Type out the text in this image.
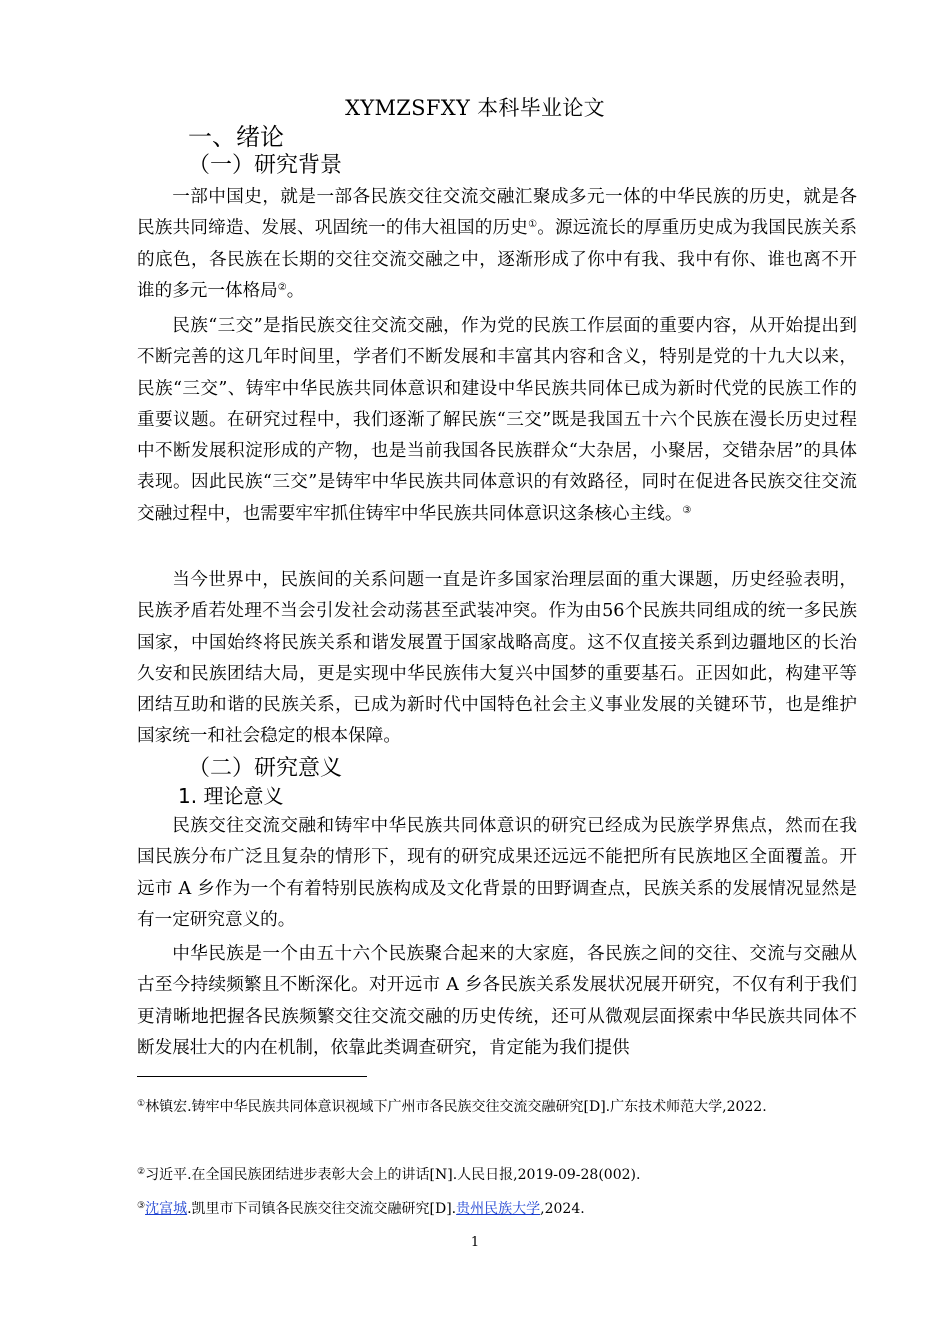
XYMZSFXY 本科毕业论文
一、绪论
（一）研究背景

一部中国史，就是一部各民族交往交流交融汇聚成多元一体的中华民族的历史，就是各民族共同缔造、发展、巩固统一的伟大祖国的历史①。源远流长的厚重历史成为我国民族关系的底色，各民族在长期的交往交流交融之中，逐渐形成了你中有我、我中有你、谁也离不开谁的多元一体格局②。

民族“三交”是指民族交往交流交融，作为党的民族工作层面的重要内容，从开始提出到不断完善的这几年时间里，学者们不断发展和丰富其内容和含义，特别是党的十九大以来，民族“三交”、铸牢中华民族共同体意识和建设中华民族共同体已成为新时代党的民族工作的重要议题。在研究过程中，我们逐渐了解民族“三交”既是我国五十六个民族在漫长历史过程中不断发展积淀形成的产物，也是当前我国各民族群众“大杂居，小聚居，交错杂居”的具体表现。因此民族“三交”是铸牢中华民族共同体意识的有效路径，同时在促进各民族交往交流交融过程中，也需要牢牢抓住铸牢中华民族共同体意识这条核心主线。③

当今世界中，民族间的关系问题一直是许多国家治理层面的重大课题，历史经验表明，民族矛盾若处理不当会引发社会动荡甚至武装冲突。作为由56个民族共同组成的统一多民族国家，中国始终将民族关系和谐发展置于国家战略高度。这不仅直接关系到边疆地区的长治久安和民族团结大局，更是实现中华民族伟大复兴中国梦的重要基石。正因如此，构建平等团结互助和谐的民族关系，已成为新时代中国特色社会主义事业发展的关键环节，也是维护国家统一和社会稳定的根本保障。

（二）研究意义
1. 理论意义

民族交往交流交融和铸牢中华民族共同体意识的研究已经成为民族学界焦点，然而在我国民族分布广泛且复杂的情形下，现有的研究成果还远远不能把所有民族地区全面覆盖。开远市 A 乡作为一个有着特别民族构成及文化背景的田野调查点，民族关系的发展情况显然是有一定研究意义的。

中华民族是一个由五十六个民族聚合起来的大家庭，各民族之间的交往、交流与交融从古至今持续频繁且不断深化。对开远市 A 乡各民族关系发展状况展开研究，不仅有利于我们更清晰地把握各民族频繁交往交流交融的历史传统，还可从微观层面探索中华民族共同体不断发展壮大的内在机制，依靠此类调查研究，肯定能为我们提供

①林镇宏.铸牢中华民族共同体意识视域下广州市各民族交往交流交融研究[D].广东技术师范大学,2022.

②习近平.在全国民族团结进步表彰大会上的讲话[N].人民日报,2019-09-28(002).

③沈富城.凯里市下司镇各民族交往交流交融研究[D].贵州民族大学,2024.

1
